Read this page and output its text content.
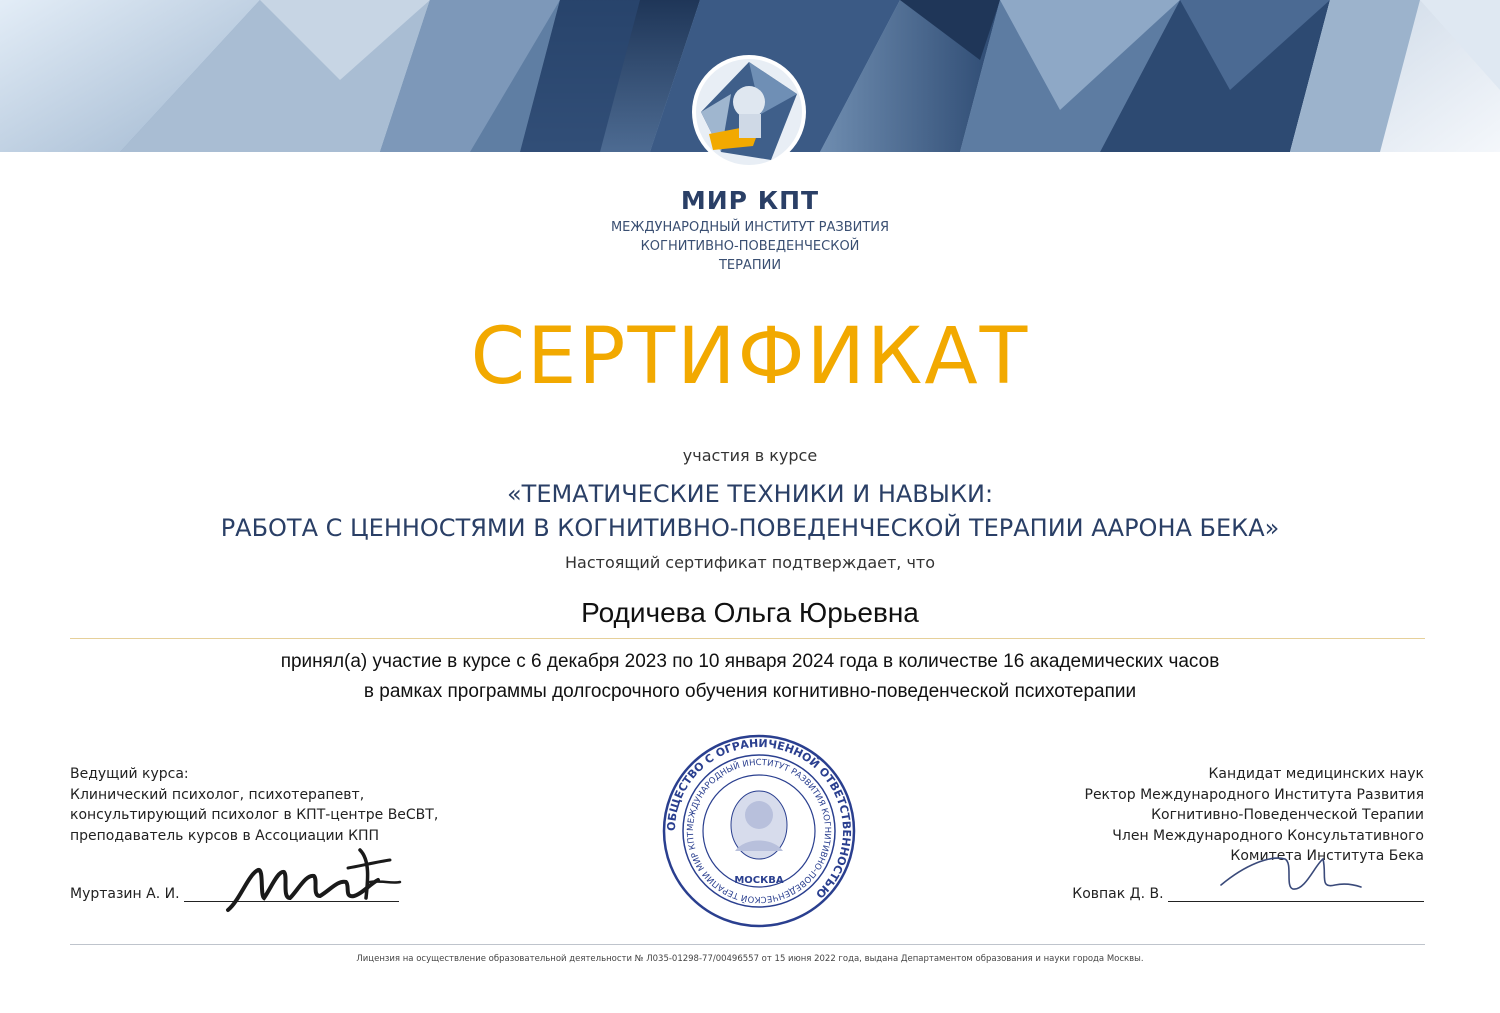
МИР КПТ
МЕЖДУНАРОДНЫЙ ИНСТИТУТ РАЗВИТИЯ
КОГНИТИВНО-ПОВЕДЕНЧЕСКОЙ
ТЕРАПИИ
СЕРТИФИКАТ
участия в курсе
«ТЕМАТИЧЕСКИЕ ТЕХНИКИ И НАВЫКИ:
РАБОТА С ЦЕННОСТЯМИ В КОГНИТИВНО-ПОВЕДЕНЧЕСКОЙ ТЕРАПИИ ААРОНА БЕКА»
Настоящий сертификат подтверждает, что
Родичева Ольга Юрьевна
принял(а) участие в курсе с 6 декабря 2023 по 10 января 2024 года в количестве 16 академических часов
в рамках программы долгосрочного обучения когнитивно-поведенческой психотерапии
Ведущий курса:
Клинический психолог, психотерапевт,
консультирующий психолог в КПТ-центре BeCBT,
преподаватель курсов в Ассоциации КПП
Муртазин А. И.
ОБЩЕСТВО С ОГРАНИЧЕННОЙ ОТВЕТСТВЕННОСТЬЮ
МЕЖДУНАРОДНЫЙ ИНСТИТУТ РАЗВИТИЯ КОГНИТИВНО-ПОВЕДЕНЧЕСКОЙ ТЕРАПИИ МИР КПТ
МОСКВА
Кандидат медицинских наук
Ректор Международного Института Развития
Когнитивно-Поведенческой Терапии
Член Международного Консультативного
Комитета Института Бека
Ковпак Д. В.
Лицензия на осуществление образовательной деятельности № Л035-01298-77/00496557 от 15 июня 2022 года, выдана Департаментом образования и науки города Москвы.
